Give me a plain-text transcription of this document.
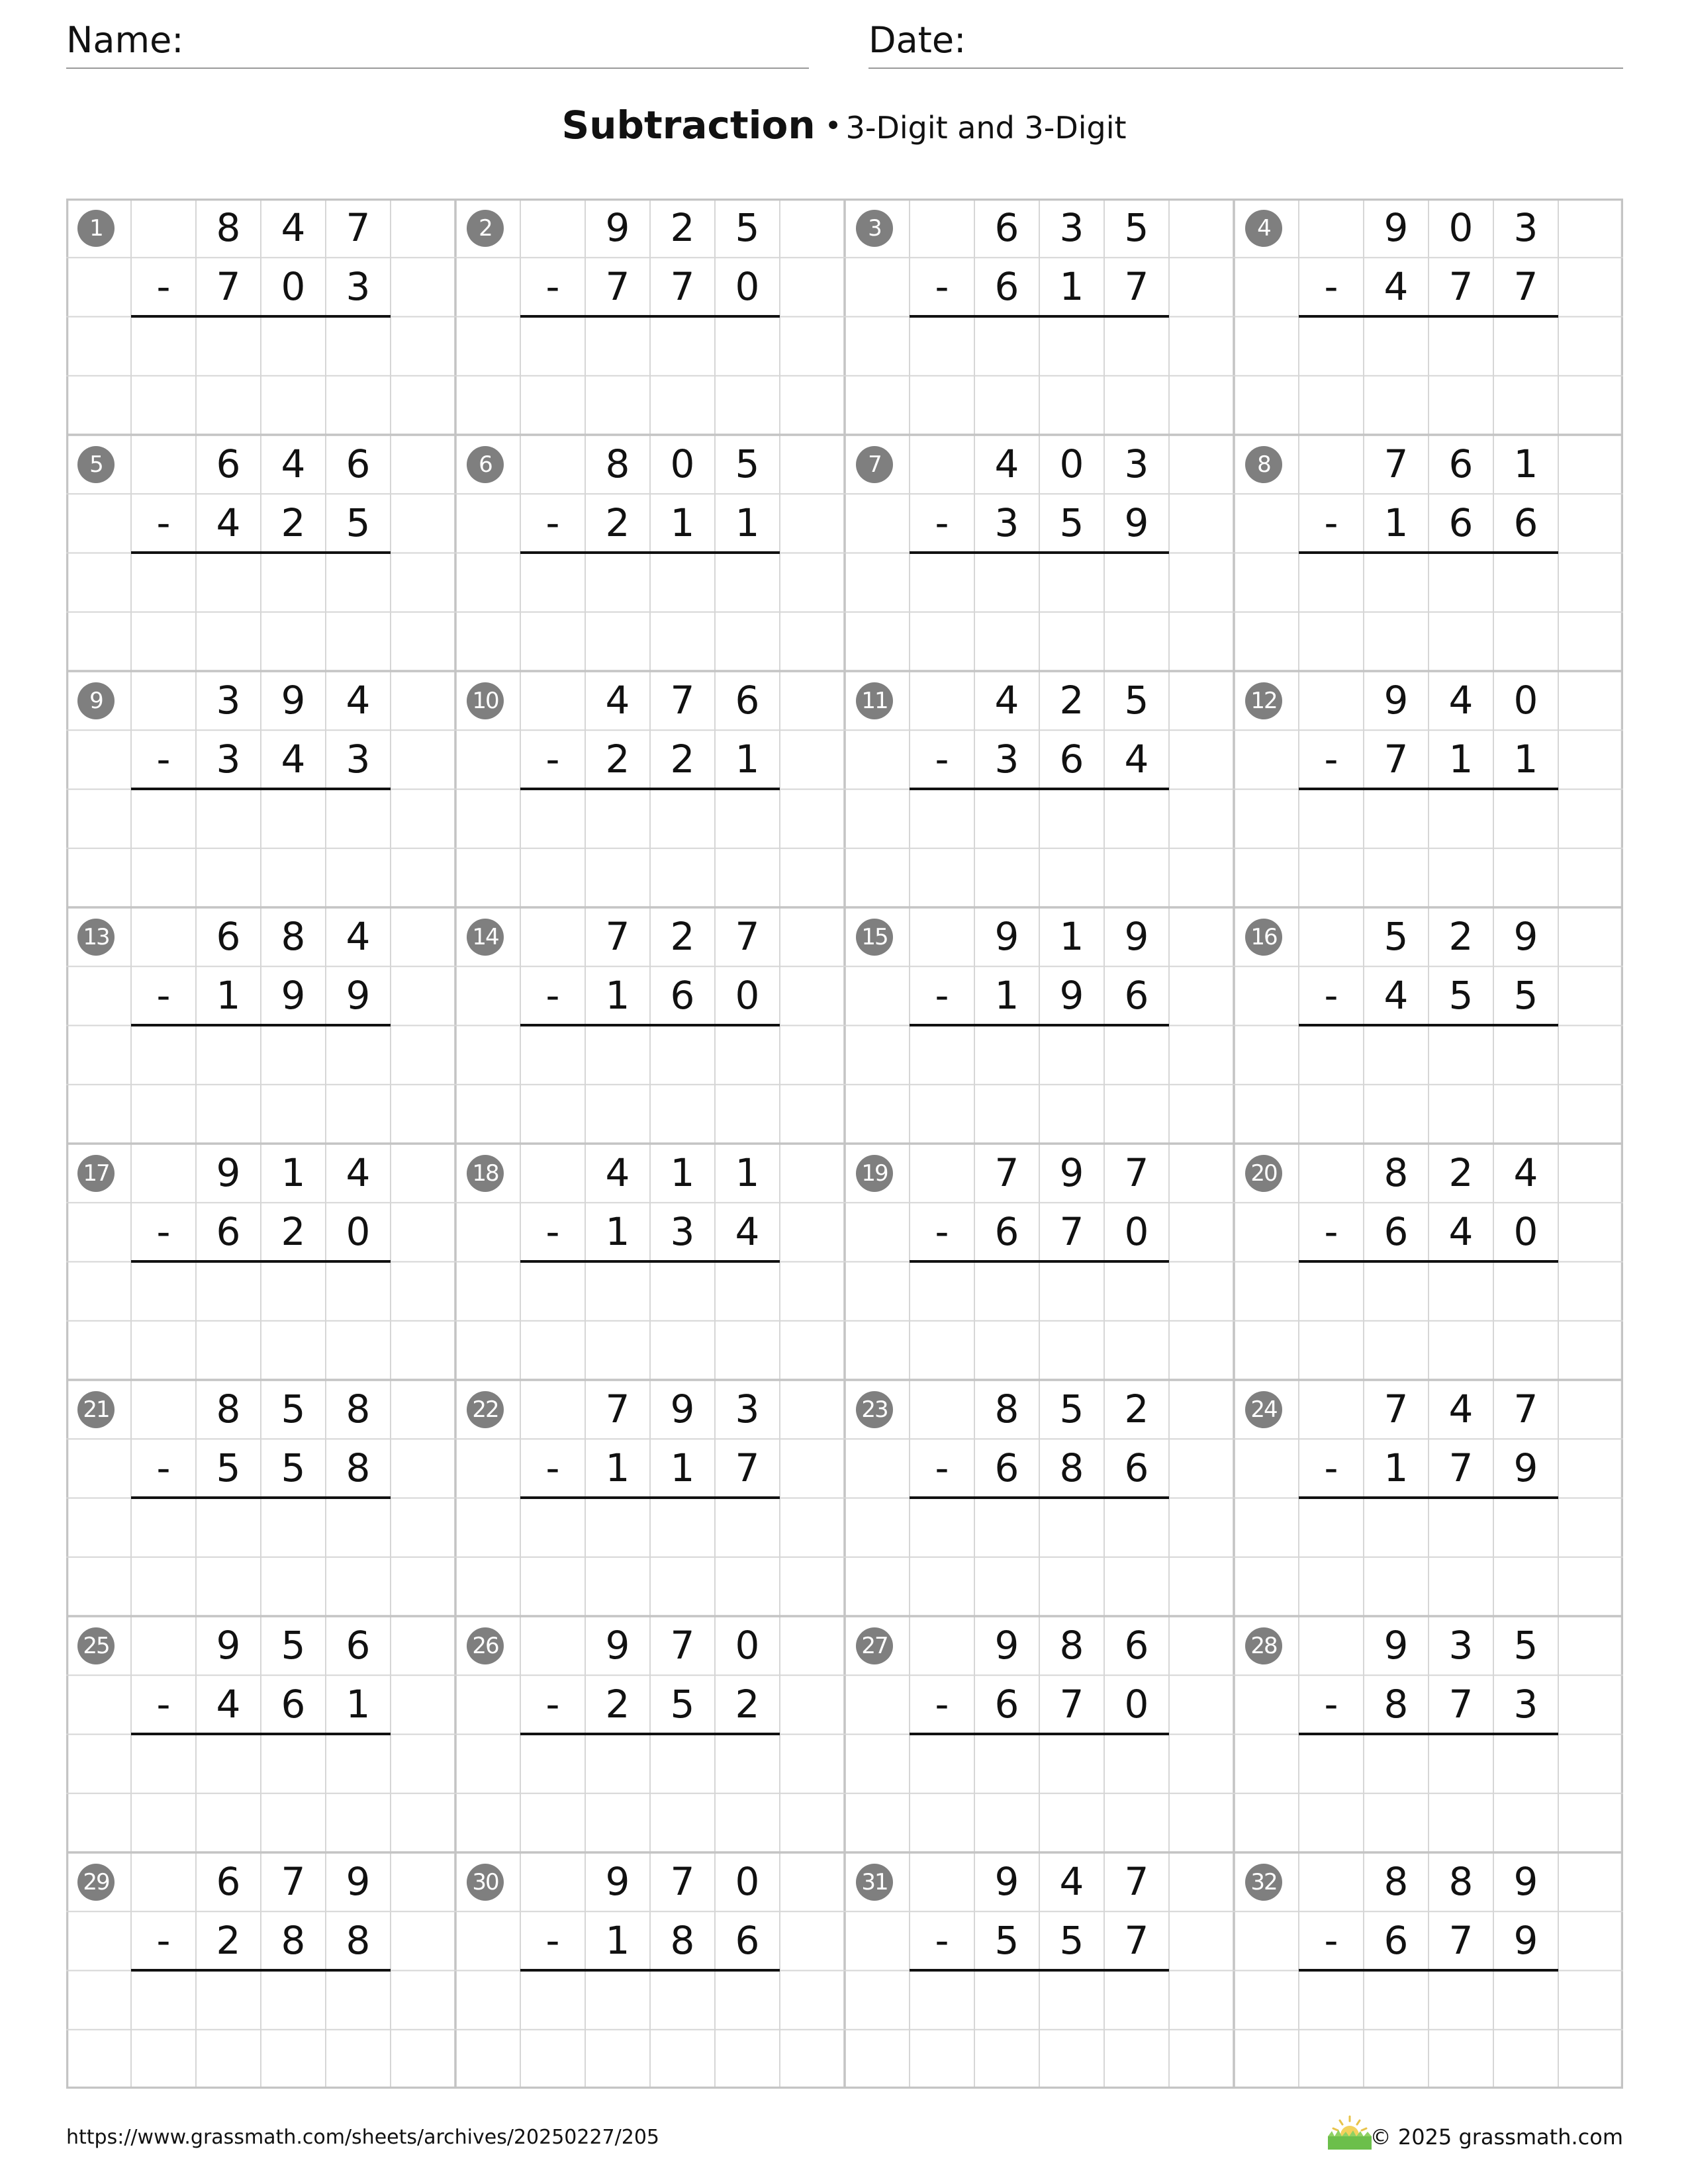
Name:	Date:
Subtraction • 3-Digit and 3-Digit
1	8	4	7
-	7	0	3
2	9	2	5
-	7	7	0
3	6	3	5
-	6	1	7
4	9	0	3
-	4	7	7
5	6	4	6
-	4	2	5
6	8	0	5
-	2	1	1
7	4	0	3
-	3	5	9
8	7	6	1
-	1	6	6
9	3	9	4
-	3	4	3
10	4	7	6
-	2	2	1
11	4	2	5
-	3	6	4
12	9	4	0
-	7	1	1
13	6	8	4
-	1	9	9
14	7	2	7
-	1	6	0
15	9	1	9
-	1	9	6
16	5	2	9
-	4	5	5
17	9	1	4
-	6	2	0
18	4	1	1
-	1	3	4
19	7	9	7
-	6	7	0
20	8	2	4
-	6	4	0
21	8	5	8
-	5	5	8
22	7	9	3
-	1	1	7
23	8	5	2
-	6	8	6
24	7	4	7
-	1	7	9
25	9	5	6
-	4	6	1
26	9	7	0
-	2	5	2
27	9	8	6
-	6	7	0
28	9	3	5
-	8	7	3
29	6	7	9
-	2	8	8
30	9	7	0
-	1	8	6
31	9	4	7
-	5	5	7
32	8	8	9
-	6	7	9
https://www.grassmath.com/sheets/archives/20250227/205	© 2025 grassmath.com
